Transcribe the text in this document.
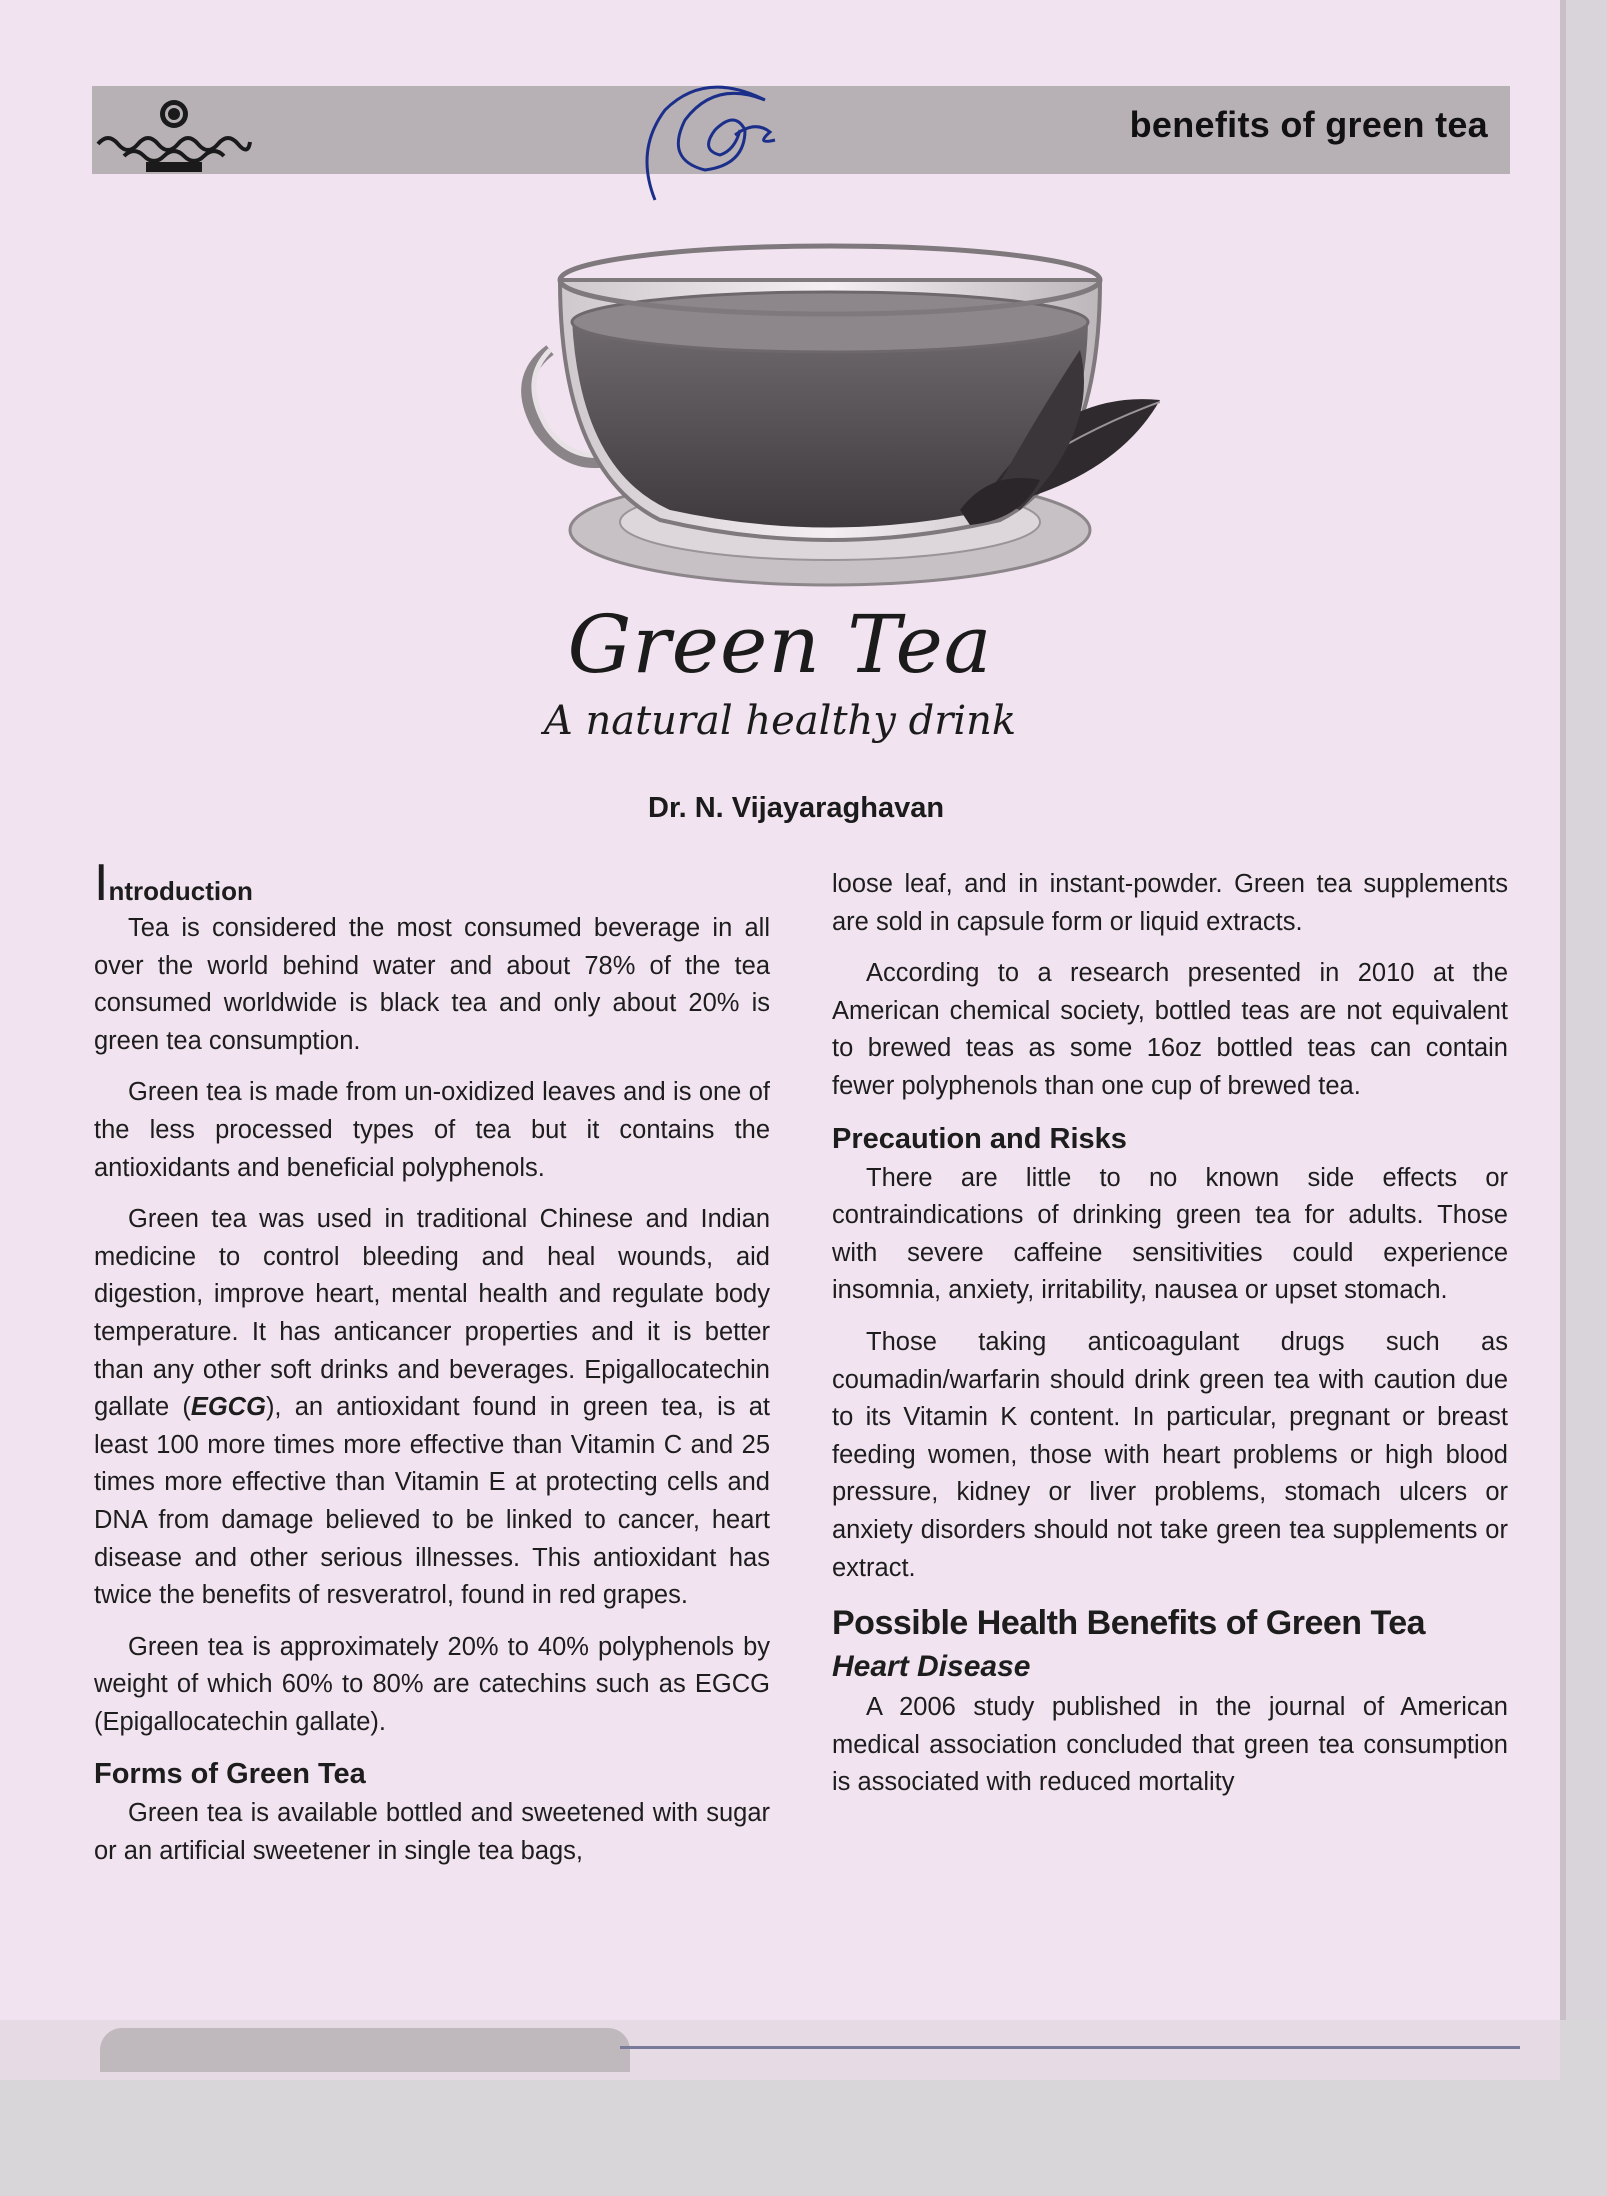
benefits of green tea
Green Tea
A natural healthy drink
Dr. N. Vijayaraghavan
Introduction

Tea is considered the most consumed beverage in all over the world behind water and about 78% of the tea consumed worldwide is black tea and only about 20% is green tea consumption.

Green tea is made from un-oxidized leaves and is one of the less processed types of tea but it contains the antioxidants and beneficial polyphenols.

Green tea was used in traditional Chinese and Indian medicine to control bleeding and heal wounds, aid digestion, improve heart, mental health and regulate body temperature. It has anticancer properties and it is better than any other soft drinks and beverages. Epigallocatechin gallate (EGCG), an antioxidant found in green tea, is at least 100 more times more effective than Vitamin C and 25 times more effective than Vitamin E at protecting cells and DNA from damage believed to be linked to cancer, heart disease and other serious illnesses. This antioxidant has twice the benefits of resveratrol, found in red grapes.

Green tea is approximately 20% to 40% polyphenols by weight of which 60% to 80% are catechins such as EGCG (Epigallocatechin gallate).

Forms of Green Tea

Green tea is available bottled and sweetened with sugar or an artificial sweetener in single tea bags,

loose leaf, and in instant-powder. Green tea supplements are sold in capsule form or liquid extracts.

According to a research presented in 2010 at the American chemical society, bottled teas are not equivalent to brewed teas as some 16oz bottled teas can contain fewer polyphenols than one cup of brewed tea.

Precaution and Risks

There are little to no known side effects or contraindications of drinking green tea for adults. Those with severe caffeine sensitivities could experience insomnia, anxiety, irritability, nausea or upset stomach.

Those taking anticoagulant drugs such as coumadin/warfarin should drink green tea with caution due to its Vitamin K content. In particular, pregnant or breast feeding women, those with heart problems or high blood pressure, kidney or liver problems, stomach ulcers or anxiety disorders should not take green tea supplements or extract.

Possible Health Benefits of Green Tea
Heart Disease

A 2006 study published in the journal of American medical association concluded that green tea consumption is associated with reduced mortality
